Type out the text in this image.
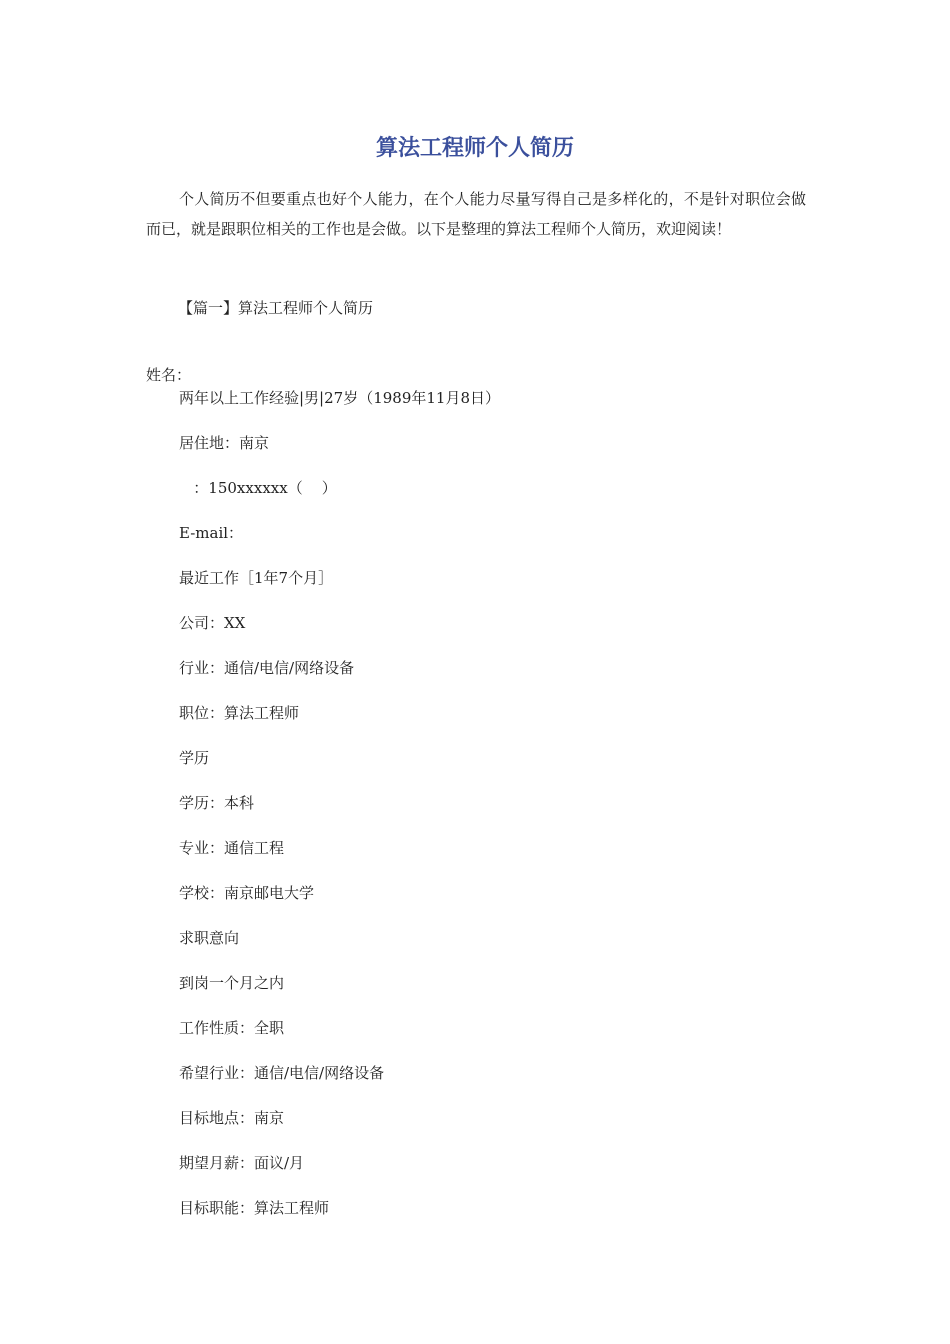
算法工程师个人简历
个人简历不但要重点也好个人能力，在个人能力尽量写得自己是多样化的，不是针对职位会做而已，就是跟职位相关的工作也是会做。以下是整理的算法工程师个人简历，欢迎阅读！
【篇一】算法工程师个人简历
姓名：
两年以上工作经验|男|27岁（1989年11月8日）
居住地：南京
：150xxxxxx（    ）
E-mail：
最近工作［1年7个月］
公司：XX
行业：通信/电信/网络设备
职位：算法工程师
学历
学历：本科
专业：通信工程
学校：南京邮电大学
求职意向
到岗一个月之内
工作性质：全职
希望行业：通信/电信/网络设备
目标地点：南京
期望月薪：面议/月
目标职能：算法工程师
